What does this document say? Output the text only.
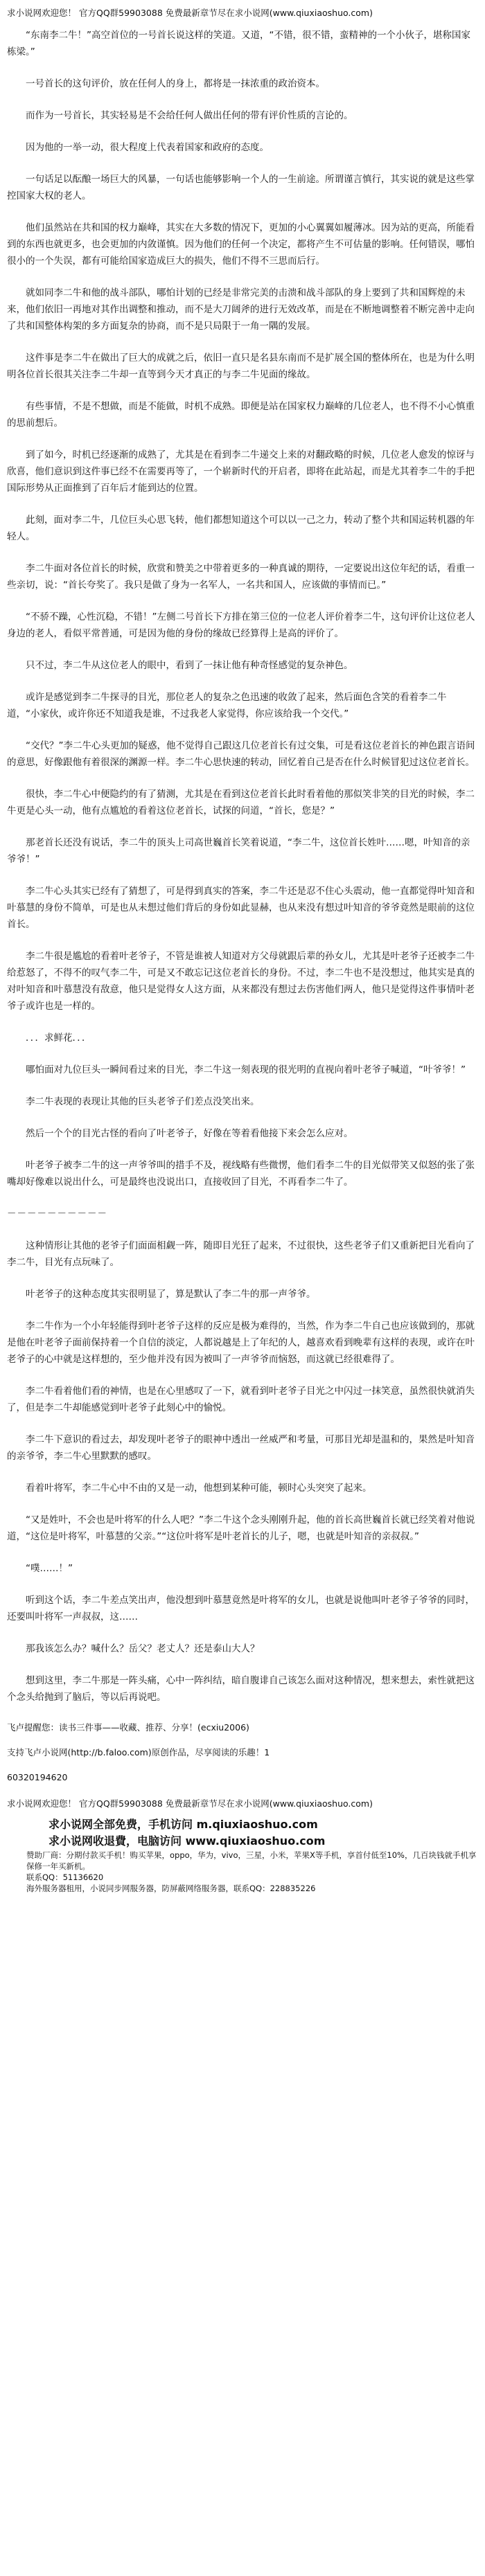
求小说网欢迎您！ 官方QQ群59903088 免费最新章节尽在求小说网(www.qiuxiaoshuo.com)

“东南李二牛！”高空首位的一号首长说这样的笑道。又道，“不错，很不错，蛮精神的一个小伙子，堪称国家栋梁。”

一号首长的这句评价，放在任何人的身上，都将是一抹浓重的政治资本。

而作为一号首长，其实轻易是不会给任何人做出任何的带有评价性质的言论的。

因为他的一举一动，很大程度上代表着国家和政府的态度。

一句话足以酝酿一场巨大的风暴，一句话也能够影响一个人的一生前途。所谓谨言慎行，其实说的就是这些掌控国家大权的老人。

他们虽然站在共和国的权力巅峰，其实在大多数的情况下，更加的小心翼翼如履薄冰。因为站的更高，所能看到的东西也就更多，也会更加的内敛谨慎。因为他们的任何一个决定，都将产生不可估量的影响。任何错误，哪怕很小的一个失误，都有可能给国家造成巨大的损失，他们不得不三思而后行。

就如同李二牛和他的战斗部队，哪怕计划的已经是非常完美的击溃和战斗部队的身上要到了共和国辉煌的未来，他们依旧一再地对其作出调整和推动，而不是大刀阔斧的进行无效改革，而是在不断地调整着不断完善中走向了共和国整体构架的多方面复杂的协商，而不是只局限于一角一隅的发展。

这件事是李二牛在做出了巨大的成就之后，依旧一直只是名县东南而不是扩展全国的整体所在，也是为什么明明各位首长很其关注李二牛却一直等到今天才真正的与李二牛见面的缘故。

有些事情，不是不想做，而是不能做，时机不成熟。即便是站在国家权力巅峰的几位老人，也不得不小心慎重的思前想后。

到了如今，时机已经逐渐的成熟了，尤其是在看到李二牛递交上来的对翻政略的时候，几位老人愈发的惊讶与欣喜，他们意识到这件事已经不在需要再等了，一个崭新时代的开启者，即将在此站起，而是尤其着李二牛的手把国际形势从正面推到了百年后才能到达的位置。

此刻，面对李二牛，几位巨头心思飞转，他们都想知道这个可以以一己之力，转动了整个共和国运转机器的年轻人。

李二牛面对各位首长的时候，欣赏和赞美之中带着更多的一种真诚的期待，一定要说出这位年纪的话，看重一些亲切，说：“首长夸奖了。我只是做了身为一名军人，一名共和国人，应该做的事情而已。”

“不骄不躁，心性沉稳，不错！”左侧二号首长下方排在第三位的一位老人评价着李二牛，这句评价让这位老人身边的老人，看似平常普通，可是因为他的身份的缘故已经算得上是高的评价了。

只不过，李二牛从这位老人的眼中，看到了一抹让他有种奇怪感觉的复杂神色。

或许是感觉到李二牛探寻的目光，那位老人的复杂之色迅速的收敛了起来，然后面色含笑的看着李二牛道，“小家伙，或许你还不知道我是谁，不过我老人家觉得，你应该给我一个交代。”

“交代？”李二牛心头更加的疑惑，他不觉得自己跟这几位老首长有过交集，可是看这位老首长的神色跟言语间的意思，好像跟他有着很深的渊源一样。李二牛心思快速的转动，回忆着自己是否在什么时候冒犯过这位老首长。

很快，李二牛心中便隐约的有了猜测，尤其是在看到这位老首长此时看着他的那似笑非笑的目光的时候，李二牛更是心头一动，他有点尴尬的看着这位老首长，试探的问道，“首长，您是？”

那老首长还没有说话，李二牛的顶头上司高世巍首长笑着说道，“李二牛，这位首长姓叶……嗯，叶知音的亲爷爷！”

李二牛心头其实已经有了猜想了，可是得到真实的答案，李二牛还是忍不住心头震动，他一直都觉得叶知音和叶慕慧的身份不简单，可是也从未想过他们背后的身份如此显赫，也从来没有想过叶知音的爷爷竟然是眼前的这位首长。

李二牛很是尴尬的看着叶老爷子，不管是谁被人知道对方父母就跟后辈的孙女儿，尤其是叶老爷子还被李二牛给惹怒了，不得不的叹气李二牛，可是又不敢忘记这位老首长的身份。不过，李二牛也不是没想过，他其实是真的对叶知音和叶慕慧没有敌意，他只是觉得女人这方面，从来都没有想过去伤害他们两人，他只是觉得这件事情叶老爷子或许也是一样的。

．．．求鲜花．．．

哪怕面对九位巨头一瞬间看过来的目光，李二牛这一刻表现的很光明的直视向着叶老爷子喊道，“叶爷爷！”

李二牛表现的表现让其他的巨头老爷子们差点没笑出来。

然后一个个的目光古怪的看向了叶老爷子，好像在等着看他接下来会怎么应对。

叶老爷子被李二牛的这一声爷爷叫的措手不及，视线略有些微愣，他们看李二牛的目光似带笑又似怒的张了张嘴却好像难以说出什么，可是最终也没说出口，直接收回了目光，不再看李二牛了。

－－－－－－－－－－

这种情形让其他的老爷子们面面相觑一阵，随即目光狂了起来，不过很快，这些老爷子们又重新把目光看向了李二牛，目光有点玩味了。

叶老爷子的这种态度其实很明显了，算是默认了李二牛的那一声爷爷。

李二牛作为一个小年轻能得到叶老爷子这样的反应是极为难得的，当然，作为李二牛自己也应该做到的，那就是他在叶老爷子面前保持着一个自信的淡定，人都说越是上了年纪的人，越喜欢看到晚辈有这样的表现，或许在叶老爷子的心中就是这样想的，至少他并没有因为被叫了一声爷爷而恼怒，而这就已经很难得了。

李二牛看着他们看的神情，也是在心里感叹了一下，就看到叶老爷子目光之中闪过一抹笑意，虽然很快就消失了，但是李二牛却能感觉到叶老爷子此刻心中的愉悦。

李二牛下意识的看过去，却发现叶老爷子的眼神中透出一丝威严和考量，可那目光却是温和的，果然是叶知音的亲爷爷，李二牛心里默默的感叹。

看着叶将军，李二牛心中不由的又是一动，他想到某种可能，顿时心头突突了起来。

“又是姓叶，不会也是叶将军的什么人吧？”李二牛这个念头刚刚升起，他的首长高世巍首长就已经笑着对他说道，“这位是叶将军，叶慕慧的父亲。”“这位叶将军是叶老首长的儿子，嗯，也就是叶知音的亲叔叔。”

“噗……！”

听到这个话，李二牛差点笑出声，他没想到叶慕慧竟然是叶将军的女儿，也就是说他叫叶老爷子爷爷的同时，还要叫叶将军一声叔叔，这……

那我该怎么办？喊什么？岳父？老丈人？还是泰山大人？

想到这里，李二牛那是一阵头痛，心中一阵纠结，暗自腹诽自己该怎么面对这种情况，想来想去，索性就把这个念头给抛到了脑后，等以后再说吧。

飞卢提醒您：读书三件事——收藏、推荐、分享！(ecxiu2006)

支持飞卢小说网(http://b.faloo.com)原创作品，尽享阅读的乐趣！1

60320194620

求小说网欢迎您！ 官方QQ群59903088 免费最新章节尽在求小说网(www.qiuxiaoshuo.com)
求小说网全部免费，手机访问 m.qiuxiaoshuo.com
求小说网收退費，电脑访问 www.qiuxiaoshuo.com
赞助厂商：分期付款买手机！购买苹果，oppo，华为，vivo，三星，小米，苹果X等手机，享首付低至10%，几百块钱就手机享保修一年买新机。
联系QQ：51136620
海外服务器租用，小说同步网服务器，防屏蔽网络服务器，联系QQ：228835226
